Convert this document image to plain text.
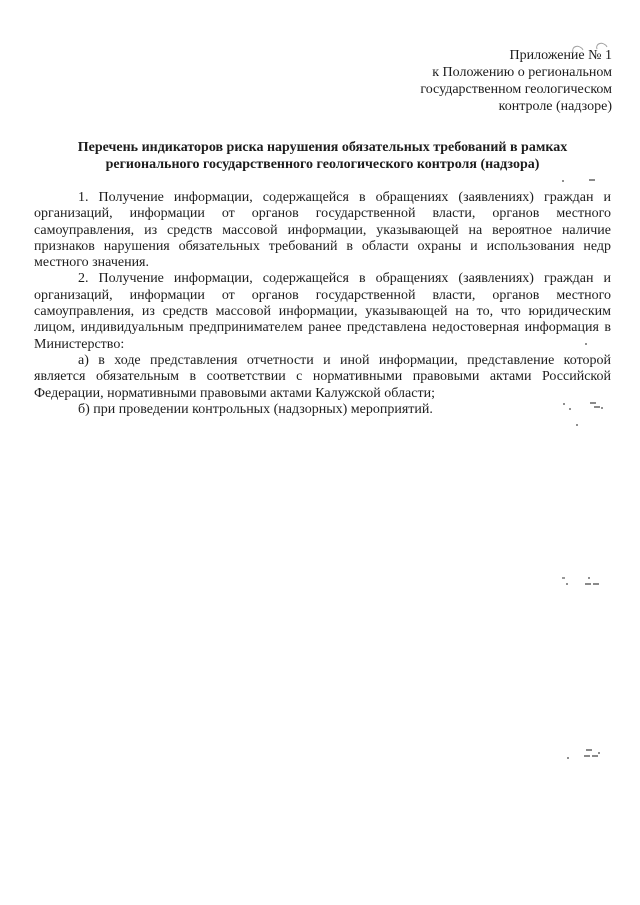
Приложение № 1
к Положению о региональном
государственном геологическом
контроле (надзоре)
Перечень индикаторов риска нарушения обязательных требований в рамках
регионального государственного геологического контроля (надзора)

1. Получение информации, содержащейся в обращениях (заявлениях) граждан и организаций, информации от органов государственной власти, органов местного самоуправления, из средств массовой информации, указывающей на вероятное наличие признаков нарушения обязательных требований в области охраны и использования недр местного значения.

2. Получение информации, содержащейся в обращениях (заявлениях) граждан и организаций, информации от органов государственной власти, органов местного самоуправления, из средств массовой информации, указывающей на то, что юридическим лицом, индивидуальным предпринимателем ранее представлена недостоверная информация в Министерство:

а) в ходе представления отчетности и иной информации, представление которой является обязательным в соответствии с нормативными правовыми актами Российской Федерации, нормативными правовыми актами Калужской области;

б) при проведении контрольных (надзорных) мероприятий.
